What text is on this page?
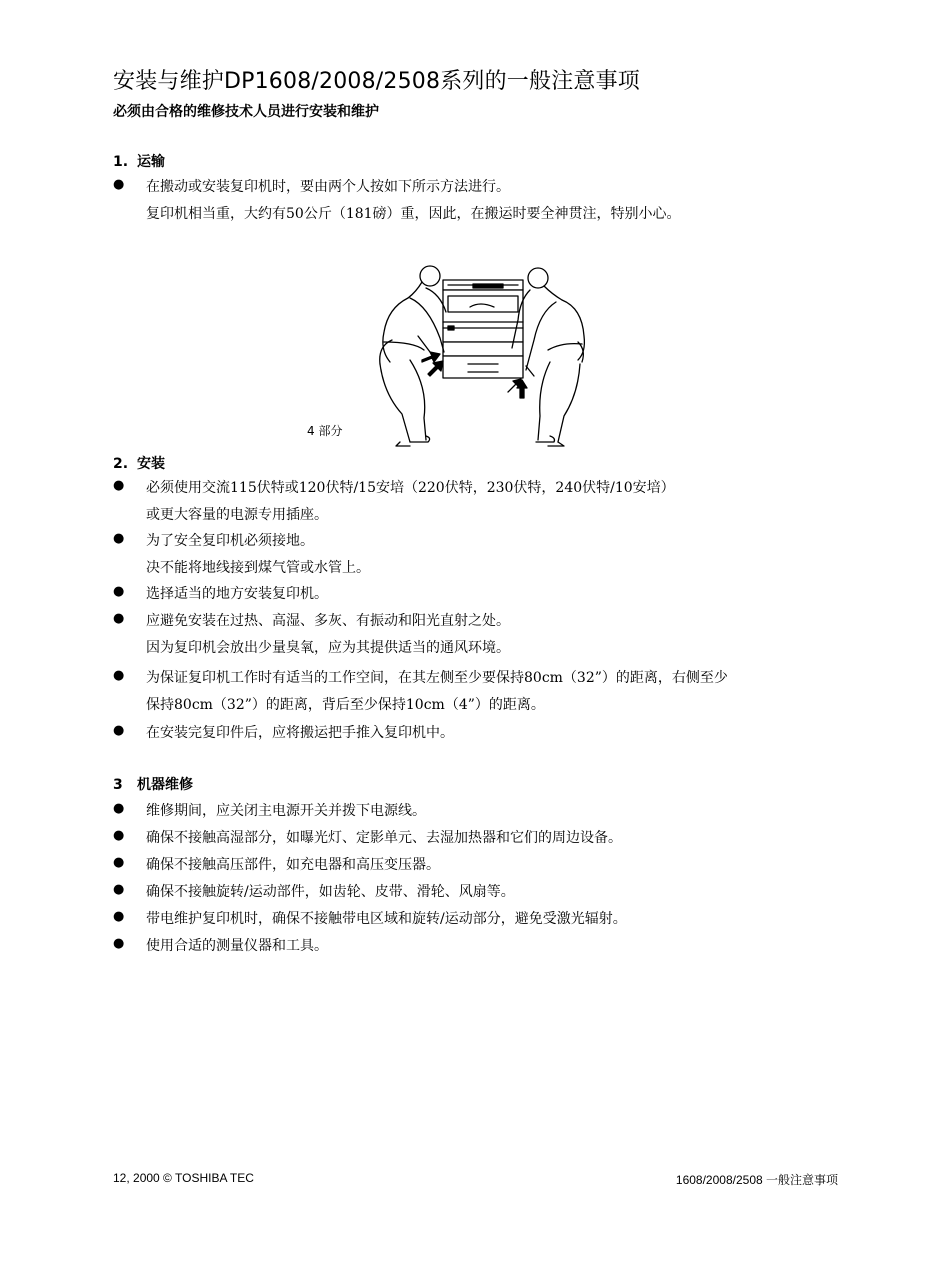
安装与维护DP1608/2008/2508系列的一般注意事项
必须由合格的维修技术人员进行安装和维护
1. 运输
● 在搬动或安装复印机时，要由两个人按如下所示方法进行。
复印机相当重，大约有50公斤（181磅）重，因此，在搬运时要全神贯注，特别小心。
4 部分
2. 安装
● 必须使用交流115伏特或120伏特/15安培（220伏特，230伏特，240伏特/10安培）
或更大容量的电源专用插座。
● 为了安全复印机必须接地。
决不能将地线接到煤气管或水管上。
● 选择适当的地方安装复印机。
● 应避免安装在过热、高湿、多灰、有振动和阳光直射之处。
因为复印机会放出少量臭氧，应为其提供适当的通风环境。
● 为保证复印机工作时有适当的工作空间，在其左侧至少要保持80cm（32”）的距离，右侧至少
保持80cm（32”）的距离，背后至少保持10cm（4”）的距离。
● 在安装完复印件后，应将搬运把手推入复印机中。
3 机器维修
● 维修期间，应关闭主电源开关并拨下电源线。
● 确保不接触高湿部分，如曝光灯、定影单元、去湿加热器和它们的周边设备。
● 确保不接触高压部件，如充电器和高压变压器。
● 确保不接触旋转/运动部件，如齿轮、皮带、滑轮、风扇等。
● 带电维护复印机时，确保不接触带电区域和旋转/运动部分，避免受激光辐射。
● 使用合适的测量仪器和工具。
12, 2000 © TOSHIBA TEC	1608/2008/2508 一般注意事项
